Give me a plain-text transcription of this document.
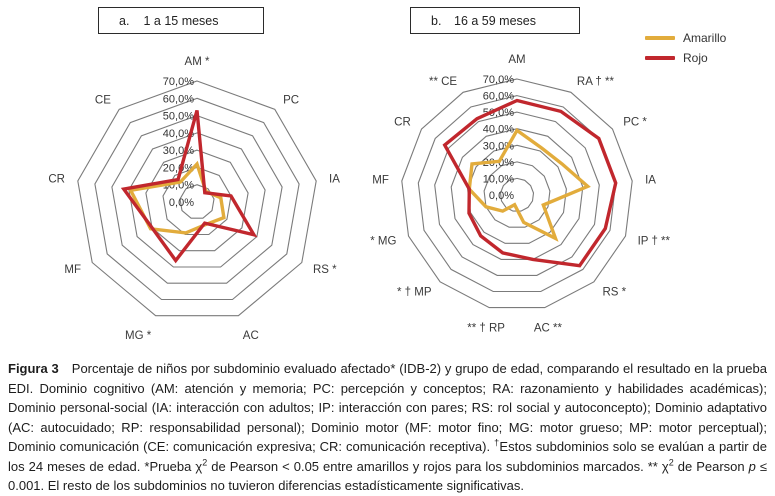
a.	1 a 15 meses	b.	16 a 59 meses
Amarillo
Rojo
70,0%
60,0%
50,0%
40,0%
30,0%
20,0%
10,0%
0,0%
AM *
PC
IA
RS *
AC
MG *
MF
CR
CE
70,0%
60,0%
50,0%
40,0%
30,0%
20,0%
10,0%
0,0%
AM
RA † **
PC *
IA
IP † **
RS *
AC **
** † RP
* † MP
* MG
MF
CR
** CE

Figura 3 Porcentaje de niños por subdominio evaluado afectado* (IDB-2) y grupo de edad, comparando el resultado en la prueba EDI. Dominio cognitivo (AM: atención y memoria; PC: percepción y conceptos; RA: razonamiento y habilidades académicas); Dominio personal-social (IA: interacción con adultos; IP: interacción con pares; RS: rol social y autoconcepto); Dominio adaptativo (AC: autocuidado; RP: responsabilidad personal); Dominio motor (MF: motor fino; MG: motor grueso; MP: motor perceptual); Dominio comunicación (CE: comunicación expresiva; CR: comunicación receptiva). †Estos subdominios solo se evalúan a partir de los 24 meses de edad. *Prueba $\chi^2$ de Pearson < 0.05 entre amarillos y rojos para los subdominios marcados. ** $\chi^2$ de Pearson p ≤ 0.001. El resto de los subdominios no tuvieron diferencias estadísticamente significativas.
